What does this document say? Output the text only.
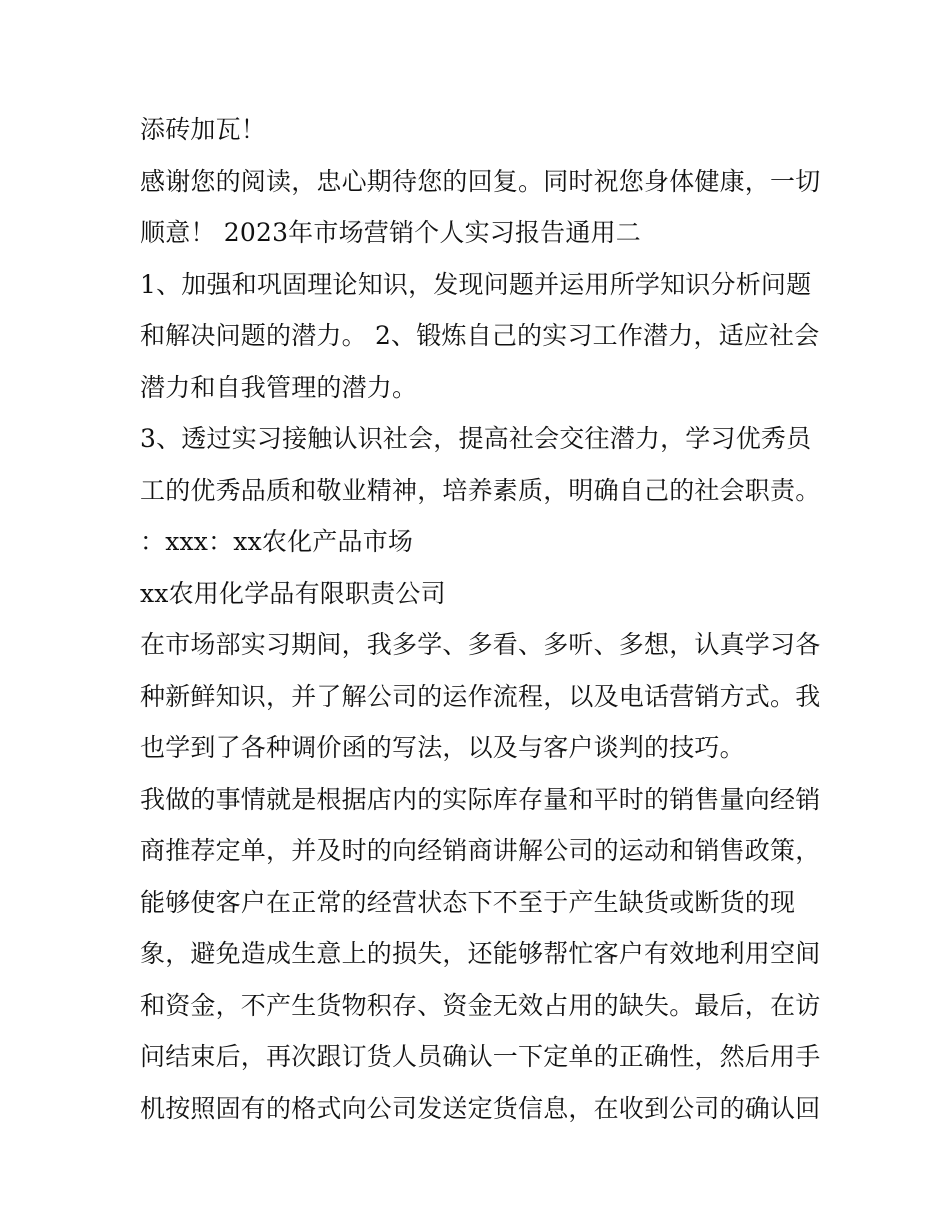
添砖加瓦！
感谢您的阅读，忠心期待您的回复。同时祝您身体健康，一切
顺意！ 2023年市场营销个人实习报告通用二
1、加强和巩固理论知识，发现问题并运用所学知识分析问题
和解决问题的潜力。 2、锻炼自己的实习工作潜力，适应社会
潜力和自我管理的潜力。
3、透过实习接触认识社会，提高社会交往潜力，学习优秀员
工的优秀品质和敬业精神，培养素质，明确自己的社会职责。
：xxx：xx农化产品市场
xx农用化学品有限职责公司
在市场部实习期间，我多学、多看、多听、多想，认真学习各
种新鲜知识，并了解公司的运作流程，以及电话营销方式。我
也学到了各种调价函的写法，以及与客户谈判的技巧。
我做的事情就是根据店内的实际库存量和平时的销售量向经销
商推荐定单，并及时的向经销商讲解公司的运动和销售政策，
能够使客户在正常的经营状态下不至于产生缺货或断货的现
象，避免造成生意上的损失，还能够帮忙客户有效地利用空间
和资金，不产生货物积存、资金无效占用的缺失。最后，在访
问结束后，再次跟订货人员确认一下定单的正确性，然后用手
机按照固有的格式向公司发送定货信息，在收到公司的确认回
